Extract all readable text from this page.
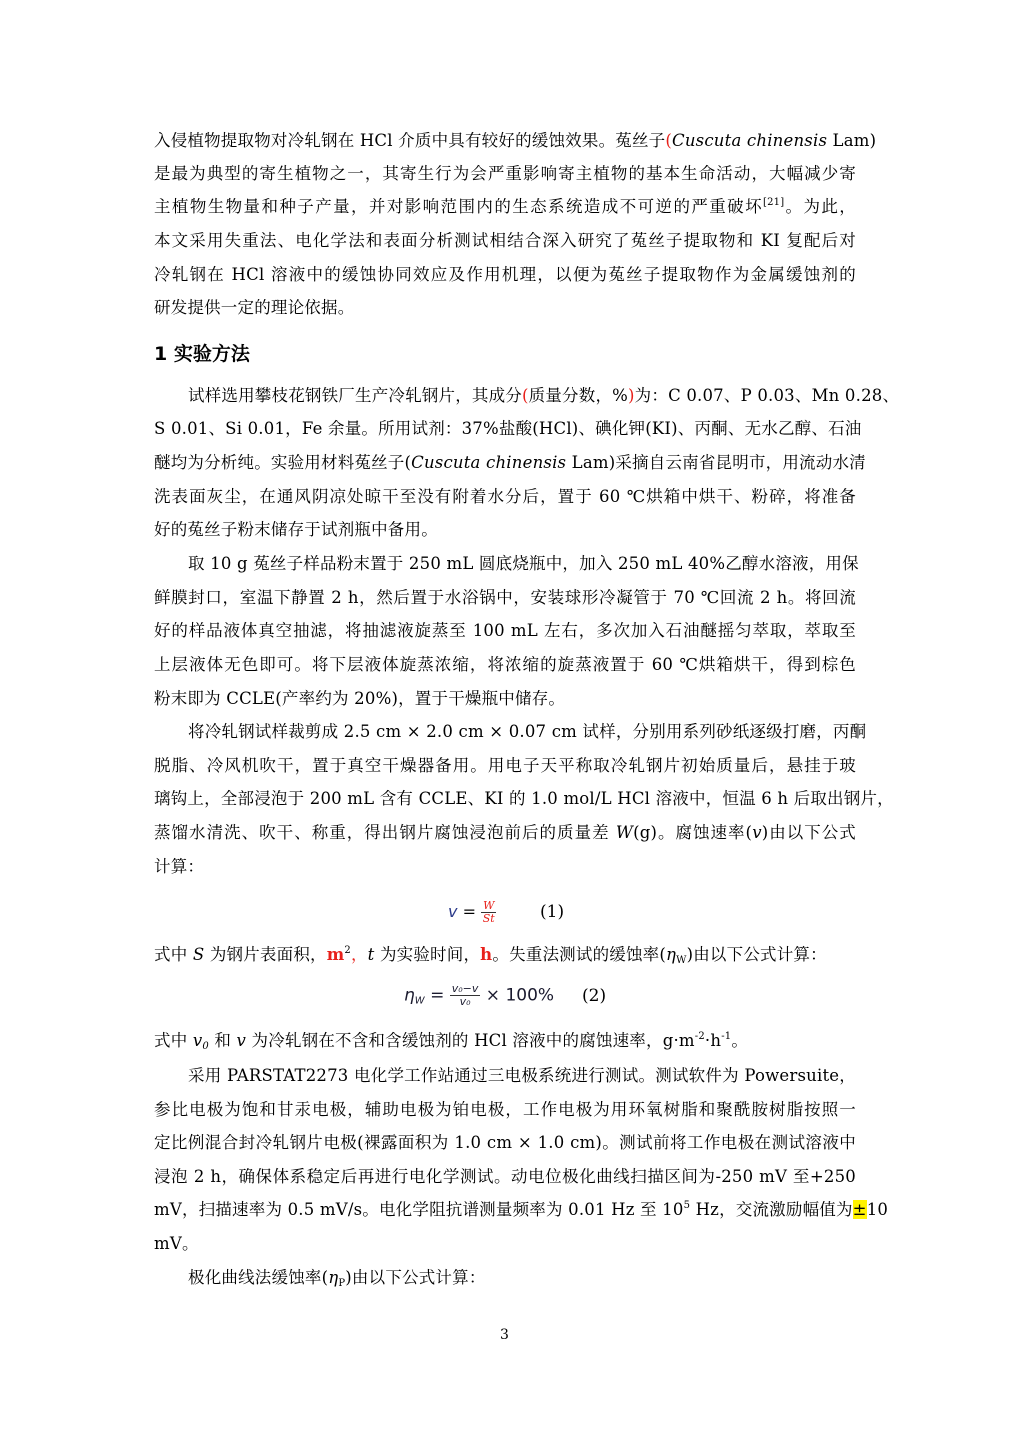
入侵植物提取物对冷轧钢在 HCl 介质中具有较好的缓蚀效果。菟丝子(Cuscuta chinensis Lam)
是最为典型的寄生植物之一，其寄生行为会严重影响寄主植物的基本生命活动，大幅减少寄
主植物生物量和种子产量，并对影响范围内的生态系统造成不可逆的严重破坏[21]。为此，
本文采用失重法、电化学法和表面分析测试相结合深入研究了菟丝子提取物和 KI 复配后对
冷轧钢在 HCl 溶液中的缓蚀协同效应及作用机理，以便为菟丝子提取物作为金属缓蚀剂的
研发提供一定的理论依据。
1 实验方法
试样选用攀枝花钢铁厂生产冷轧钢片，其成分(质量分数，%)为：C 0.07、P 0.03、Mn 0.28、
S 0.01、Si 0.01，Fe 余量。所用试剂：37%盐酸(HCl)、碘化钾(KI)、丙酮、无水乙醇、石油
醚均为分析纯。实验用材料菟丝子(Cuscuta chinensis Lam)采摘自云南省昆明市，用流动水清
洗表面灰尘，在通风阴凉处晾干至没有附着水分后，置于 60 ℃烘箱中烘干、粉碎，将准备
好的菟丝子粉末储存于试剂瓶中备用。
取 10 g 菟丝子样品粉末置于 250 mL 圆底烧瓶中，加入 250 mL 40%乙醇水溶液，用保
鲜膜封口，室温下静置 2 h，然后置于水浴锅中，安装球形冷凝管于 70 ℃回流 2 h。将回流
好的样品液体真空抽滤，将抽滤液旋蒸至 100 mL 左右，多次加入石油醚摇匀萃取，萃取至
上层液体无色即可。将下层液体旋蒸浓缩，将浓缩的旋蒸液置于 60 ℃烘箱烘干，得到棕色
粉末即为 CCLE(产率约为 20%)，置于干燥瓶中储存。
将冷轧钢试样裁剪成 2.5 cm × 2.0 cm × 0.07 cm 试样，分别用系列砂纸逐级打磨，丙酮
脱脂、冷风机吹干，置于真空干燥器备用。用电子天平称取冷轧钢片初始质量后，悬挂于玻
璃钩上，全部浸泡于 200 mL 含有 CCLE、KI 的 1.0 mol/L HCl 溶液中，恒温 6 h 后取出钢片，
蒸馏水清洗、吹干、称重，得出钢片腐蚀浸泡前后的质量差 W(g)。腐蚀速率(v)由以下公式
计算：
$v = \frac{W}{St}$	(1)
式中 S 为钢片表面积，$m^2$，t 为实验时间，h。失重法测试的缓蚀率$(\eta_W)$由以下公式计算：
$\eta_W = \frac{\text{v₀−v}}{\text{v₀}} \times 100\%$ (2)
式中 $v_0$ 和 v 为冷轧钢在不含和含缓蚀剂的 HCl 溶液中的腐蚀速率，$g\cdot m^{-2}\cdot h^{-1}$。
采用 PARSTAT2273 电化学工作站通过三电极系统进行测试。测试软件为 Powersuite，
参比电极为饱和甘汞电极，辅助电极为铂电极，工作电极为用环氧树脂和聚酰胺树脂按照一
定比例混合封冷轧钢片电极(裸露面积为 1.0 cm × 1.0 cm)。测试前将工作电极在测试溶液中
浸泡 2 h，确保体系稳定后再进行电化学测试。动电位极化曲线扫描区间为-250 mV 至+250
mV，扫描速率为 0.5 mV/s。电化学阻抗谱测量频率为 0.01 Hz 至 $10^5$ Hz，交流激励幅值为±10
mV。
极化曲线法缓蚀率$(\eta_P)$由以下公式计算：
3
